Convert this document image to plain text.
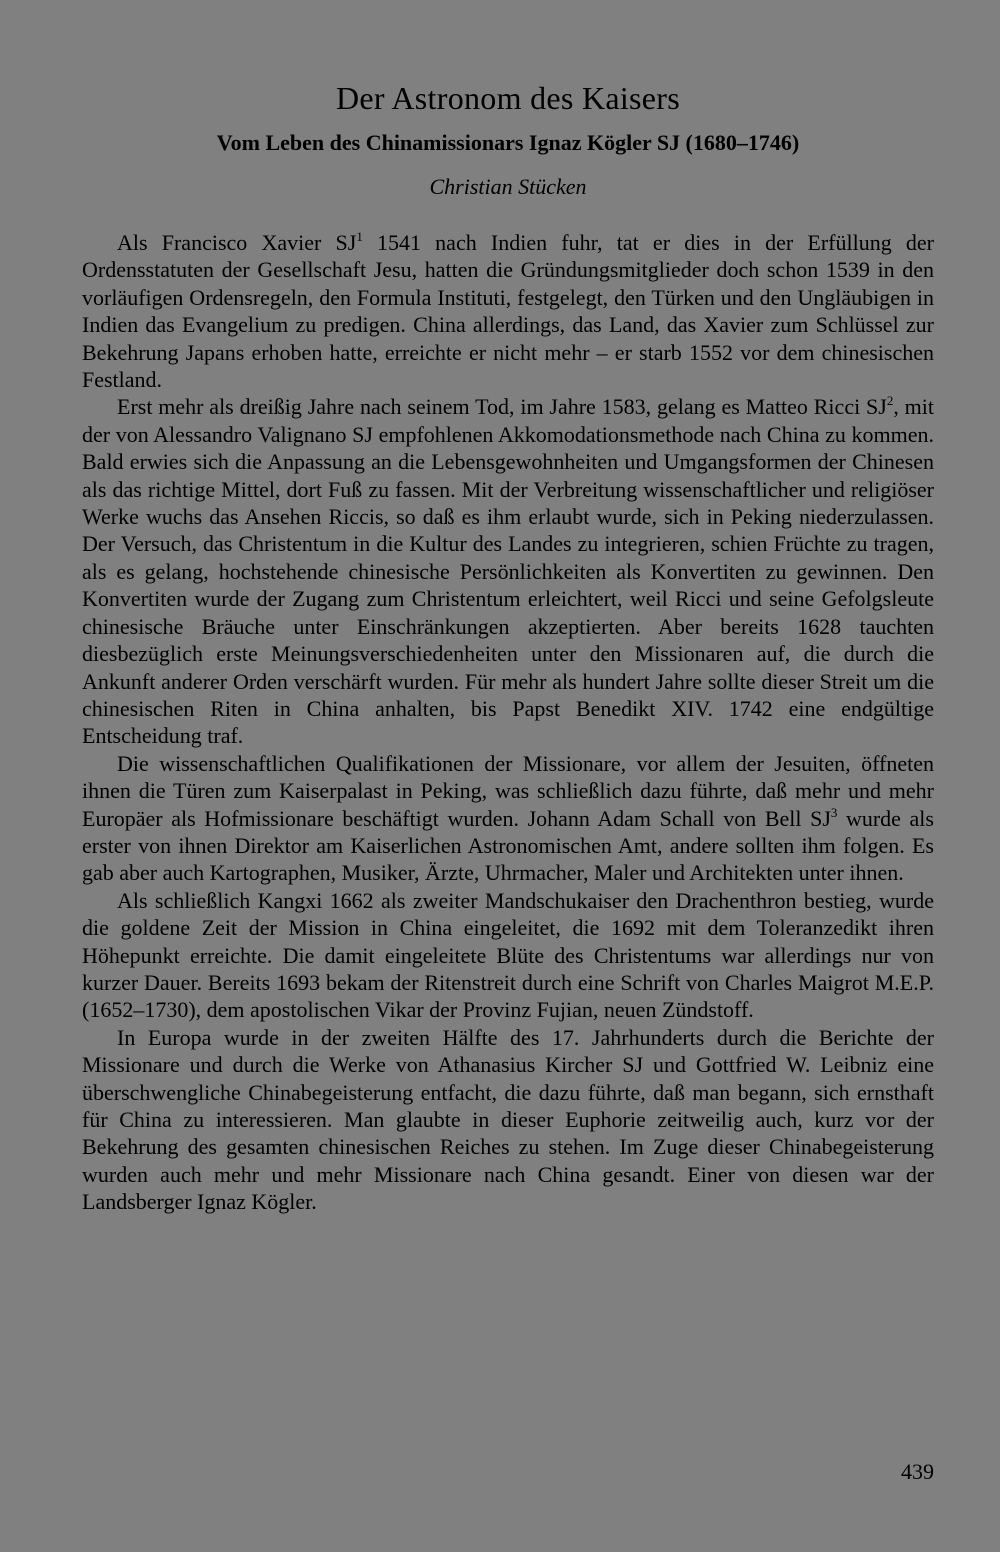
Der Astronom des Kaisers
Vom Leben des Chinamissionars Ignaz Kögler SJ (1680–1746)
Christian Stücken

Als Francisco Xavier $SJ^1$ 1541 nach Indien fuhr, tat er dies in der Erfüllung der Ordensstatuten der Gesellschaft Jesu, hatten die Gründungsmitglieder doch schon 1539 in den vorläufigen Ordensregeln, den Formula Instituti, festgelegt, den Türken und den Ungläubigen in Indien das Evangelium zu predigen. China allerdings, das Land, das Xavier zum Schlüssel zur Bekehrung Japans erhoben hatte, erreichte er nicht mehr – er starb 1552 vor dem chinesischen Festland.

Erst mehr als dreißig Jahre nach seinem Tod, im Jahre 1583, gelang es Matteo Ricci $SJ^2$, mit der von Alessandro Valignano SJ empfohlenen Akkomodationsmethode nach China zu kommen. Bald erwies sich die Anpassung an die Lebensgewohnheiten und Umgangsformen der Chinesen als das richtige Mittel, dort Fuß zu fassen. Mit der Verbreitung wissenschaftlicher und religiöser Werke wuchs das Ansehen Riccis, so daß es ihm erlaubt wurde, sich in Peking niederzulassen. Der Versuch, das Christentum in die Kultur des Landes zu integrieren, schien Früchte zu tragen, als es gelang, hochstehende chinesische Persönlichkeiten als Konvertiten zu gewinnen. Den Konvertiten wurde der Zugang zum Christentum erleichtert, weil Ricci und seine Gefolgsleute chinesische Bräuche unter Einschränkungen akzeptierten. Aber bereits 1628 tauchten diesbezüglich erste Meinungsverschiedenheiten unter den Missionaren auf, die durch die Ankunft anderer Orden verschärft wurden. Für mehr als hundert Jahre sollte dieser Streit um die chinesischen Riten in China anhalten, bis Papst Benedikt XIV. 1742 eine endgültige Entscheidung traf.

Die wissenschaftlichen Qualifikationen der Missionare, vor allem der Jesuiten, öffneten ihnen die Türen zum Kaiserpalast in Peking, was schließlich dazu führte, daß mehr und mehr Europäer als Hofmissionare beschäftigt wurden. Johann Adam Schall von Bell $SJ^3$ wurde als erster von ihnen Direktor am Kaiserlichen Astronomischen Amt, andere sollten ihm folgen. Es gab aber auch Kartographen, Musiker, Ärzte, Uhrmacher, Maler und Architekten unter ihnen.

Als schließlich Kangxi 1662 als zweiter Mandschukaiser den Drachenthron bestieg, wurde die goldene Zeit der Mission in China eingeleitet, die 1692 mit dem Toleranzedikt ihren Höhepunkt erreichte. Die damit eingeleitete Blüte des Christentums war allerdings nur von kurzer Dauer. Bereits 1693 bekam der Ritenstreit durch eine Schrift von Charles Maigrot M.E.P. (1652–1730), dem apostolischen Vikar der Provinz Fujian, neuen Zündstoff.

In Europa wurde in der zweiten Hälfte des 17. Jahrhunderts durch die Berichte der Missionare und durch die Werke von Athanasius Kircher SJ und Gottfried W. Leibniz eine überschwengliche Chinabegeisterung entfacht, die dazu führte, daß man begann, sich ernsthaft für China zu interessieren. Man glaubte in dieser Euphorie zeitweilig auch, kurz vor der Bekehrung des gesamten chinesischen Reiches zu stehen. Im Zuge dieser Chinabegeisterung wurden auch mehr und mehr Missionare nach China gesandt. Einer von diesen war der Landsberger Ignaz Kögler.

439
